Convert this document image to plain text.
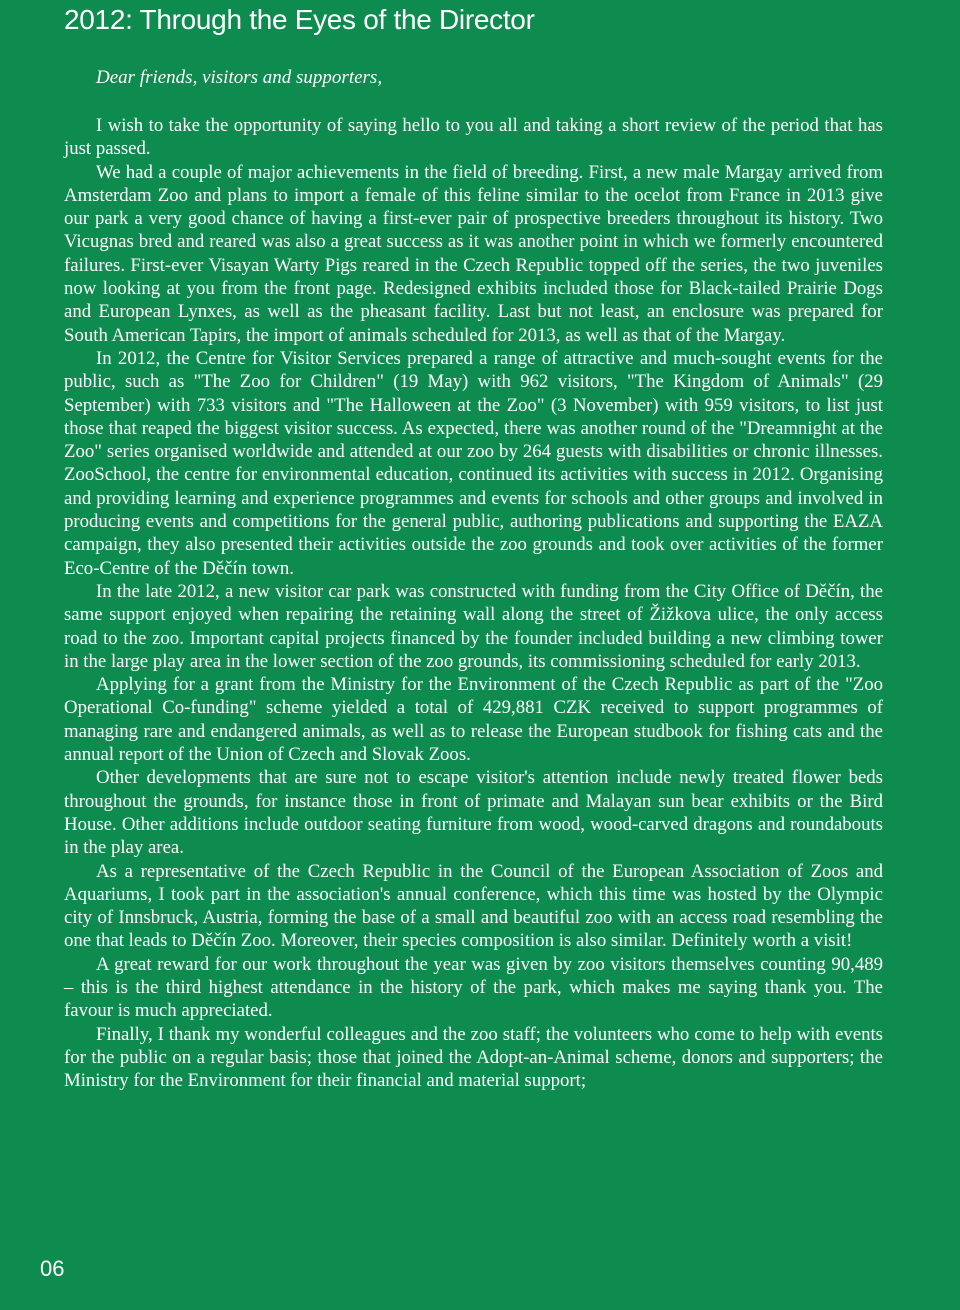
2012: Through the Eyes of the Director
Dear friends, visitors and supporters,

I wish to take the opportunity of saying hello to you all and taking a short review of the period that has just passed.

We had a couple of major achievements in the field of breeding. First, a new male Margay arrived from Amsterdam Zoo and plans to import a female of this feline similar to the ocelot from France in 2013 give our park a very good chance of having a first-ever pair of prospective breeders throughout its history. Two Vicugnas bred and reared was also a great success as it was another point in which we formerly encountered failures. First-ever Visayan Warty Pigs reared in the Czech Republic topped off the series, the two juveniles now looking at you from the front page. Redesigned exhibits included those for Black-tailed Prairie Dogs and European Lynxes, as well as the pheasant facility. Last but not least, an enclosure was prepared for South American Tapirs, the import of animals scheduled for 2013, as well as that of the Margay.

In 2012, the Centre for Visitor Services prepared a range of attractive and much-sought events for the public, such as "The Zoo for Children" (19 May) with 962 visitors, "The Kingdom of Animals" (29 September) with 733 visitors and "The Halloween at the Zoo" (3 November) with 959 visitors, to list just those that reaped the biggest visitor success. As expected, there was another round of the "Dreamnight at the Zoo" series organised worldwide and attended at our zoo by 264 guests with disabilities or chronic illnesses. ZooSchool, the centre for environmental education, continued its activities with success in 2012. Organising and providing learning and experience programmes and events for schools and other groups and involved in producing events and competitions for the general public, authoring publications and supporting the EAZA campaign, they also presented their activities outside the zoo grounds and took over activities of the former Eco-Centre of the Děčín town.

In the late 2012, a new visitor car park was constructed with funding from the City Office of Děčín, the same support enjoyed when repairing the retaining wall along the street of Žižkova ulice, the only access road to the zoo. Important capital projects financed by the founder included building a new climbing tower in the large play area in the lower section of the zoo grounds, its commissioning scheduled for early 2013.

Applying for a grant from the Ministry for the Environment of the Czech Republic as part of the "Zoo Operational Co-funding" scheme yielded a total of 429,881 CZK received to support programmes of managing rare and endangered animals, as well as to release the European studbook for fishing cats and the annual report of the Union of Czech and Slovak Zoos.

Other developments that are sure not to escape visitor's attention include newly treated flower beds throughout the grounds, for instance those in front of primate and Malayan sun bear exhibits or the Bird House. Other additions include outdoor seating furniture from wood, wood-carved dragons and roundabouts in the play area.

As a representative of the Czech Republic in the Council of the European Association of Zoos and Aquariums, I took part in the association's annual conference, which this time was hosted by the Olympic city of Innsbruck, Austria, forming the base of a small and beautiful zoo with an access road resembling the one that leads to Děčín Zoo. Moreover, their species composition is also similar. Definitely worth a visit!

A great reward for our work throughout the year was given by zoo visitors themselves counting 90,489 – this is the third highest attendance in the history of the park, which makes me saying thank you. The favour is much appreciated.

Finally, I thank my wonderful colleagues and the zoo staff; the volunteers who come to help with events for the public on a regular basis; those that joined the Adopt-an-Animal scheme, donors and supporters; the Ministry for the Environment for their financial and material support;

06
